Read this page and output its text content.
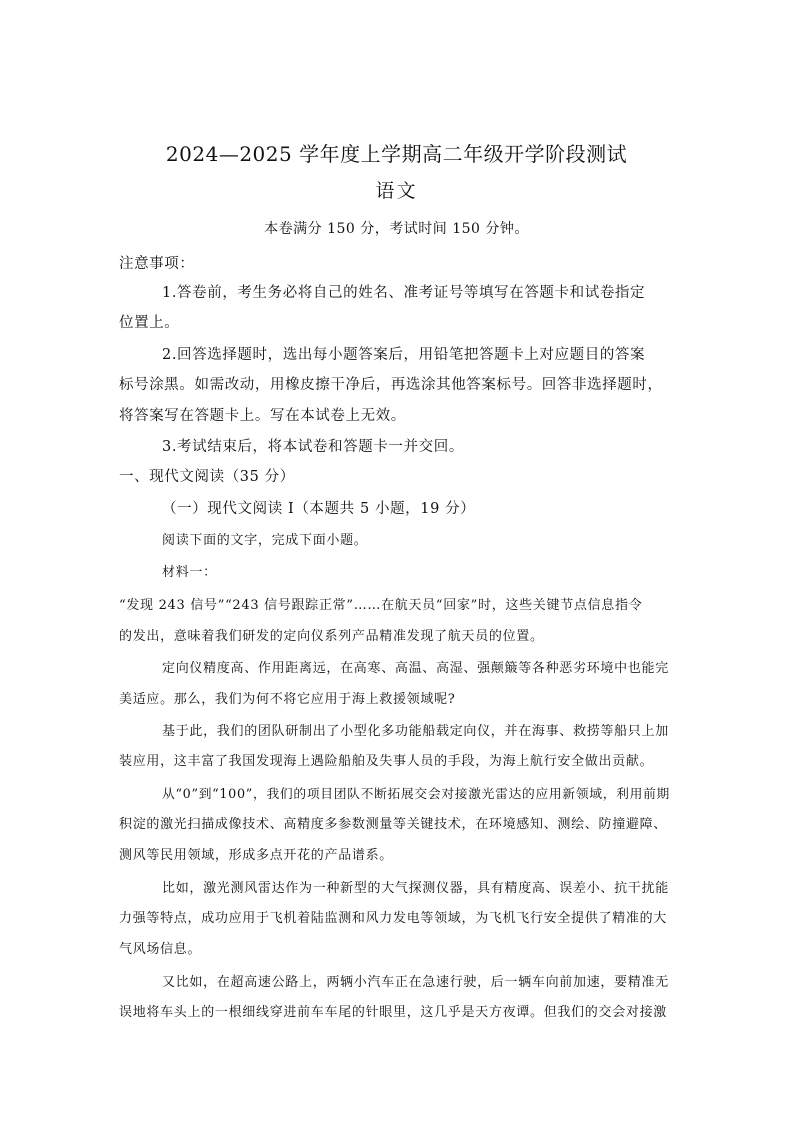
2024—2025 学年度上学期高二年级开学阶段测试
语文
本卷满分 150 分，考试时间 150 分钟。
注意事项：
1.答卷前，考生务必将自己的姓名、准考证号等填写在答题卡和试卷指定
位置上。
2.回答选择题时，选出每小题答案后，用铅笔把答题卡上对应题目的答案
标号涂黑。如需改动，用橡皮擦干净后，再选涂其他答案标号。回答非选择题时，
将答案写在答题卡上。写在本试卷上无效。
3.考试结束后，将本试卷和答题卡一并交回。
一、现代文阅读（35 分）
（一）现代文阅读 I（本题共 5 小题，19 分）
阅读下面的文字，完成下面小题。
材料一：
“发现 243 信号”“243 信号跟踪正常”……在航天员“回家”时，这些关键节点信息指令
的发出，意味着我们研发的定向仪系列产品精准发现了航天员的位置。
定向仪精度高、作用距离远，在高寒、高温、高湿、强颠簸等各种恶劣环境中也能完
美适应。那么，我们为何不将它应用于海上救援领域呢?
基于此，我们的团队研制出了小型化多功能船载定向仪，并在海事、救捞等船只上加
装应用，这丰富了我国发现海上遇险船舶及失事人员的手段，为海上航行安全做出贡献。
从“0”到“100”，我们的项目团队不断拓展交会对接激光雷达的应用新领域，利用前期
积淀的激光扫描成像技术、高精度多参数测量等关键技术，在环境感知、测绘、防撞避障、
测风等民用领域，形成多点开花的产品谱系。
比如，激光测风雷达作为一种新型的大气探测仪器，具有精度高、误差小、抗干扰能
力强等特点，成功应用于飞机着陆监测和风力发电等领域，为飞机飞行安全提供了精准的大
气风场信息。
又比如，在超高速公路上，两辆小汽车正在急速行驶，后一辆车向前加速，要精准无
误地将车头上的一根细线穿进前车车尾的针眼里，这几乎是天方夜谭。但我们的交会对接激
